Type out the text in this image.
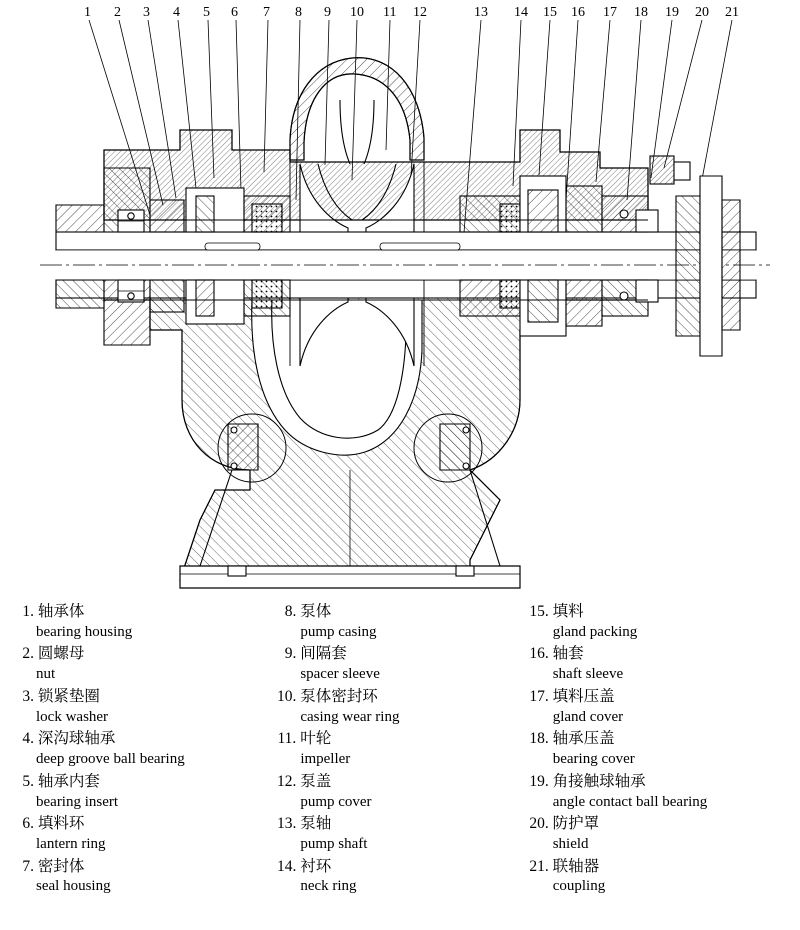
1 2 3 4 5 6 7 8 9 10 11 12	13 14 15 16 17 18 19 20 21
1. 轴承体
bearing housing
2. 圆螺母
nut
3. 锁紧垫圈
lock washer
4. 深沟球轴承
deep groove ball bearing
5. 轴承内套
bearing insert
6. 填料环
lantern ring
7. 密封体
seal housing
8. 泵体
pump casing
9. 间隔套
spacer sleeve
10. 泵体密封环
casing wear ring
11. 叶轮
impeller
12. 泵盖
pump cover
13. 泵轴
pump shaft
14. 衬环
neck ring
15. 填料
gland packing
16. 轴套
shaft sleeve
17. 填料压盖
gland cover
18. 轴承压盖
bearing cover
19. 角接触球轴承
angle contact ball bearing
20. 防护罩
shield
21. 联轴器
coupling
